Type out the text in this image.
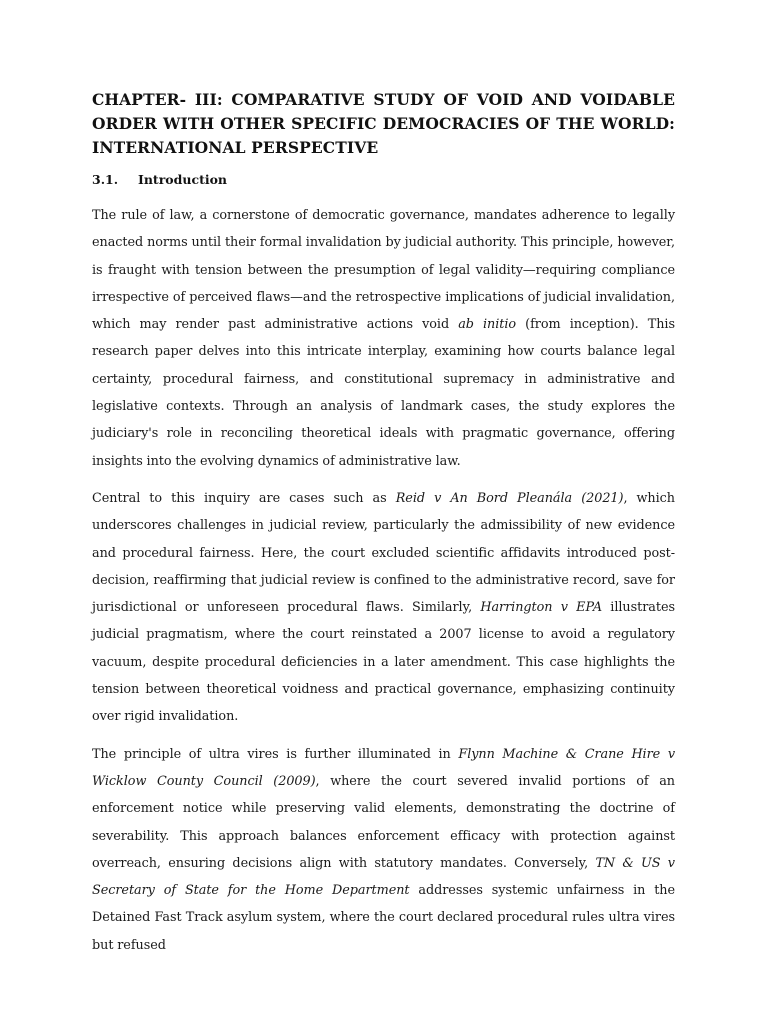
CHAPTER- III: COMPARATIVE STUDY OF VOID AND VOIDABLE ORDER WITH OTHER SPECIFIC DEMOCRACIES OF THE WORLD: INTERNATIONAL PERSPECTIVE
3.1.	Introduction

The rule of law, a cornerstone of democratic governance, mandates adherence to legally enacted norms until their formal invalidation by judicial authority. This principle, however, is fraught with tension between the presumption of legal validity—requiring compliance irrespective of perceived flaws—and the retrospective implications of judicial invalidation, which may render past administrative actions void ab initio (from inception). This research paper delves into this intricate interplay, examining how courts balance legal certainty, procedural fairness, and constitutional supremacy in administrative and legislative contexts. Through an analysis of landmark cases, the study explores the judiciary's role in reconciling theoretical ideals with pragmatic governance, offering insights into the evolving dynamics of administrative law.

Central to this inquiry are cases such as Reid v An Bord Pleanála (2021), which underscores challenges in judicial review, particularly the admissibility of new evidence and procedural fairness. Here, the court excluded scientific affidavits introduced post-decision, reaffirming that judicial review is confined to the administrative record, save for jurisdictional or unforeseen procedural flaws. Similarly, Harrington v EPA illustrates judicial pragmatism, where the court reinstated a 2007 license to avoid a regulatory vacuum, despite procedural deficiencies in a later amendment. This case highlights the tension between theoretical voidness and practical governance, emphasizing continuity over rigid invalidation.

The principle of ultra vires is further illuminated in Flynn Machine & Crane Hire v Wicklow County Council (2009), where the court severed invalid portions of an enforcement notice while preserving valid elements, demonstrating the doctrine of severability. This approach balances enforcement efficacy with protection against overreach, ensuring decisions align with statutory mandates. Conversely, TN & US v Secretary of State for the Home Department addresses systemic unfairness in the Detained Fast Track asylum system, where the court declared procedural rules ultra vires but refused
